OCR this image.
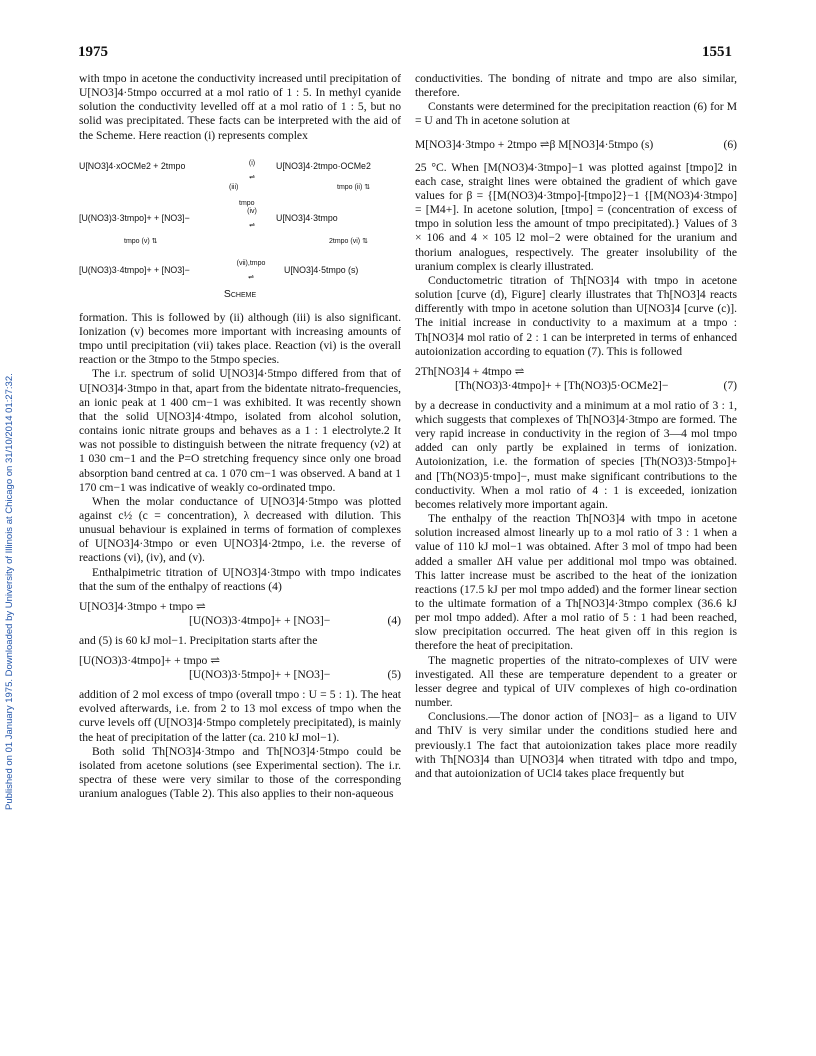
1975	1551
Published on 01 January 1975. Downloaded by University of Illinois at Chicago on 31/10/2014 01:27:32.

with tmpo in acetone the conductivity increased until precipitation of U[NO3]4·5tmpo occurred at a mol ratio of 1 : 5. In methyl cyanide solution the conductivity levelled off at a mol ratio of 1 : 5, but no solid was precipitated. These facts can be interpreted with the aid of the Scheme. Here reaction (i) represents complex

U[NO3]4·xOCMe2 + 2tmpo	(i)
⇌
U[NO3]4·2tmpo·OCMe2
(iii)
tmpo
tmpo (ii) ⇅
[U(NO3)3·3tmpo]+ + [NO3]−
(iv)
⇌
U[NO3]4·3tmpo
tmpo (v) ⇅	2tmpo (vi) ⇅
[U(NO3)3·4tmpo]+ + [NO3]−
(vii),tmpo
⇌
U[NO3]4·5tmpo (s)
Scheme

formation. This is followed by (ii) although (iii) is also significant. Ionization (v) becomes more important with increasing amounts of tmpo until precipitation (vii) takes place. Reaction (vi) is the overall reaction or the 3tmpo to the 5tmpo species.

The i.r. spectrum of solid U[NO3]4·5tmpo differed from that of U[NO3]4·3tmpo in that, apart from the bidentate nitrato-frequencies, an ionic peak at 1 400 cm−1 was exhibited. It was recently shown that the solid U[NO3]4·4tmpo, isolated from alcohol solution, contains ionic nitrate groups and behaves as a 1 : 1 electrolyte.2 It was not possible to distinguish between the nitrate frequency (ν2) at 1 030 cm−1 and the P=O stretching frequency since only one broad absorption band centred at ca. 1 070 cm−1 was observed. A band at 1 170 cm−1 was indicative of weakly co-ordinated tmpo.

When the molar conductance of U[NO3]4·5tmpo was plotted against c½ (c = concentration), λ decreased with dilution. This unusual behaviour is explained in terms of formation of complexes of U[NO3]4·3tmpo or even U[NO3]4·2tmpo, i.e. the reverse of reactions (vi), (iv), and (v).

Enthalpimetric titration of U[NO3]4·3tmpo with tmpo indicates that the sum of the enthalpy of reactions (4)

U[NO3]4·3tmpo + tmpo ⇌
[U(NO3)3·4tmpo]+ + [NO3]−	(4)

and (5) is 60 kJ mol−1. Precipitation starts after the

[U(NO3)3·4tmpo]+ + tmpo ⇌
[U(NO3)3·5tmpo]+ + [NO3]−	(5)

addition of 2 mol excess of tmpo (overall tmpo : U = 5 : 1). The heat evolved afterwards, i.e. from 2 to 13 mol excess of tmpo when the curve levels off (U[NO3]4·5tmpo completely precipitated), is mainly the heat of precipitation of the latter (ca. 210 kJ mol−1).

Both solid Th[NO3]4·3tmpo and Th[NO3]4·5tmpo could be isolated from acetone solutions (see Experimental section). The i.r. spectra of these were very similar to those of the corresponding uranium analogues (Table 2). This also applies to their non-aqueous

conductivities. The bonding of nitrate and tmpo are also similar, therefore.

Constants were determined for the precipitation reaction (6) for M = U and Th in acetone solution at

M[NO3]4·3tmpo + 2tmpo ⇌β M[NO3]4·5tmpo (s)	(6)

25 °C. When [M(NO3)4·3tmpo]−1 was plotted against [tmpo]2 in each case, straight lines were obtained the gradient of which gave values for β = {[M(NO3)4·3tmpo]-[tmpo]2}−1 {[M(NO3)4·3tmpo] = [M4+]. In acetone solution, [tmpo] = (concentration of excess of tmpo in solution less the amount of tmpo precipitated).} Values of 3 × 106 and 4 × 105 l2 mol−2 were obtained for the uranium and thorium analogues, respectively. The greater insolubility of the uranium complex is clearly illustrated.

Conductometric titration of Th[NO3]4 with tmpo in acetone solution [curve (d), Figure] clearly illustrates that Th[NO3]4 reacts differently with tmpo in acetone solution than U[NO3]4 [curve (c)]. The initial increase in conductivity to a maximum at a tmpo : Th[NO3]4 mol ratio of 2 : 1 can be interpreted in terms of enhanced autoionization according to equation (7). This is followed

2Th[NO3]4 + 4tmpo ⇌
[Th(NO3)3·4tmpo]+ + [Th(NO3)5·OCMe2]−	(7)

by a decrease in conductivity and a minimum at a mol ratio of 3 : 1, which suggests that complexes of Th[NO3]4·3tmpo are formed. The very rapid increase in conductivity in the region of 3—4 mol tmpo added can only partly be explained in terms of ionization. Autoionization, i.e. the formation of species [Th(NO3)3·5tmpo]+ and [Th(NO3)5·tmpo]−, must make significant contributions to the conductivity. When a mol ratio of 4 : 1 is exceeded, ionization becomes relatively more important again.

The enthalpy of the reaction Th[NO3]4 with tmpo in acetone solution increased almost linearly up to a mol ratio of 3 : 1 when a value of 110 kJ mol−1 was obtained. After 3 mol of tmpo had been added a smaller ΔH value per additional mol tmpo was obtained. This latter increase must be ascribed to the heat of the ionization reactions (17.5 kJ per mol tmpo added) and the former linear section to the ultimate formation of a Th[NO3]4·3tmpo complex (36.6 kJ per mol tmpo added). After a mol ratio of 5 : 1 had been reached, slow precipitation occurred. The heat given off in this region is therefore the heat of precipitation.

The magnetic properties of the nitrato-complexes of UIV were investigated. All these are temperature dependent to a greater or lesser degree and typical of UIV complexes of high co-ordination number.

Conclusions.—The donor action of [NO3]− as a ligand to UIV and ThIV is very similar under the conditions studied here and previously.1 The fact that autoionization takes place more readily with Th[NO3]4 than U[NO3]4 when titrated with tdpo and tmpo, and that autoionization of UCl4 takes place frequently but
